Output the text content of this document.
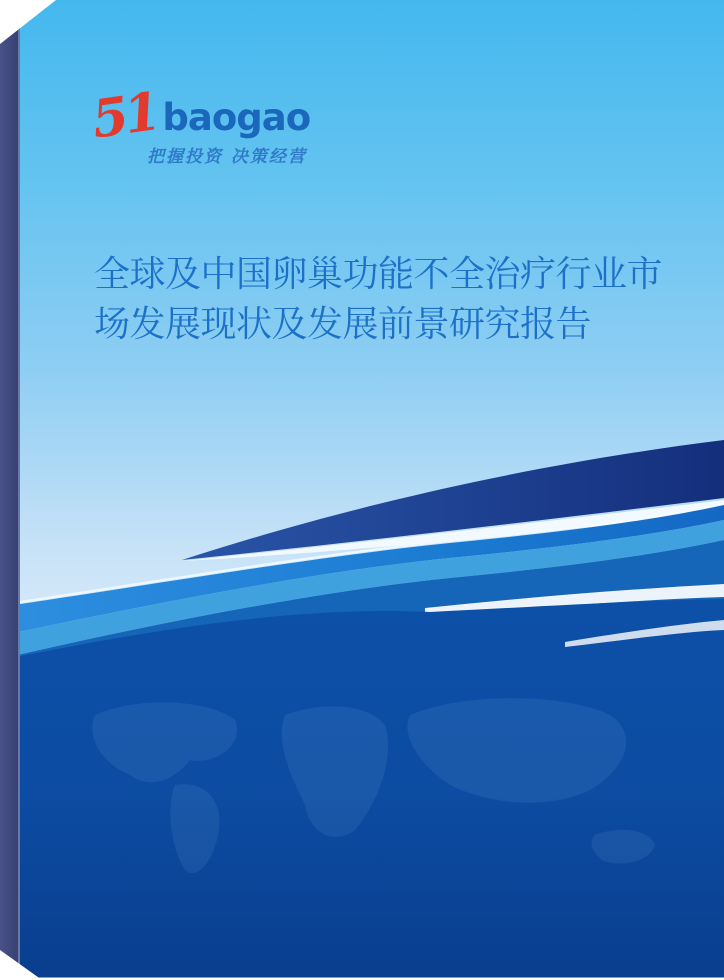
51 baogao
把握投资 决策经营
全球及中国卵巢功能不全治疗行业市
场发展现状及发展前景研究报告
